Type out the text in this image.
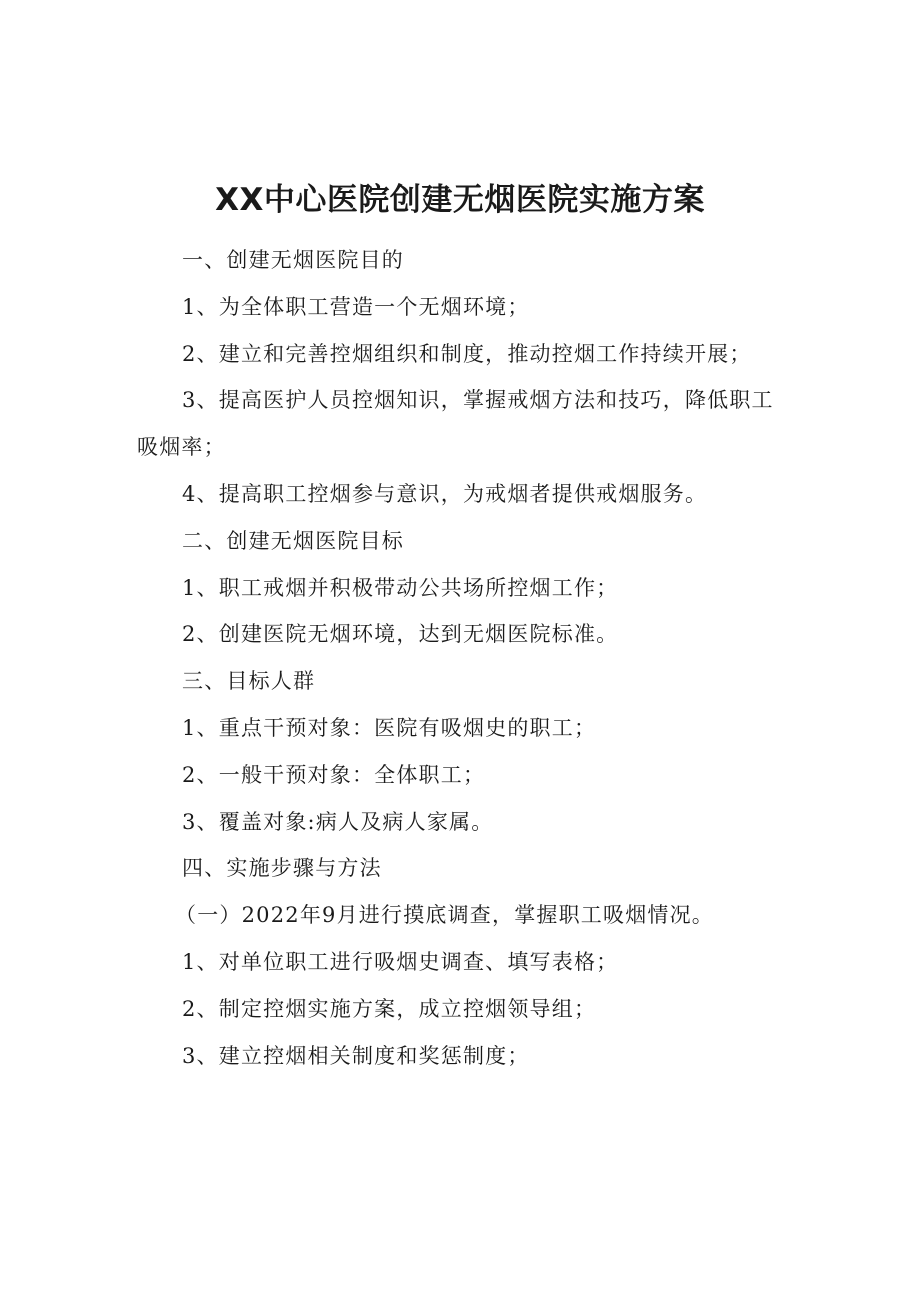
XX中心医院创建无烟医院实施方案

一、创建无烟医院目的

1、为全体职工营造一个无烟环境；

2、建立和完善控烟组织和制度，推动控烟工作持续开展；

3、提高医护人员控烟知识，掌握戒烟方法和技巧，降低职工吸烟率；

4、提高职工控烟参与意识，为戒烟者提供戒烟服务。

二、创建无烟医院目标

1、职工戒烟并积极带动公共场所控烟工作；

2、创建医院无烟环境，达到无烟医院标准。

三、目标人群

1、重点干预对象：医院有吸烟史的职工；

2、一般干预对象：全体职工；

3、覆盖对象:病人及病人家属。

四、实施步骤与方法

（一）2022年9月进行摸底调查，掌握职工吸烟情况。

1、对单位职工进行吸烟史调查、填写表格；

2、制定控烟实施方案，成立控烟领导组；

3、建立控烟相关制度和奖惩制度；
